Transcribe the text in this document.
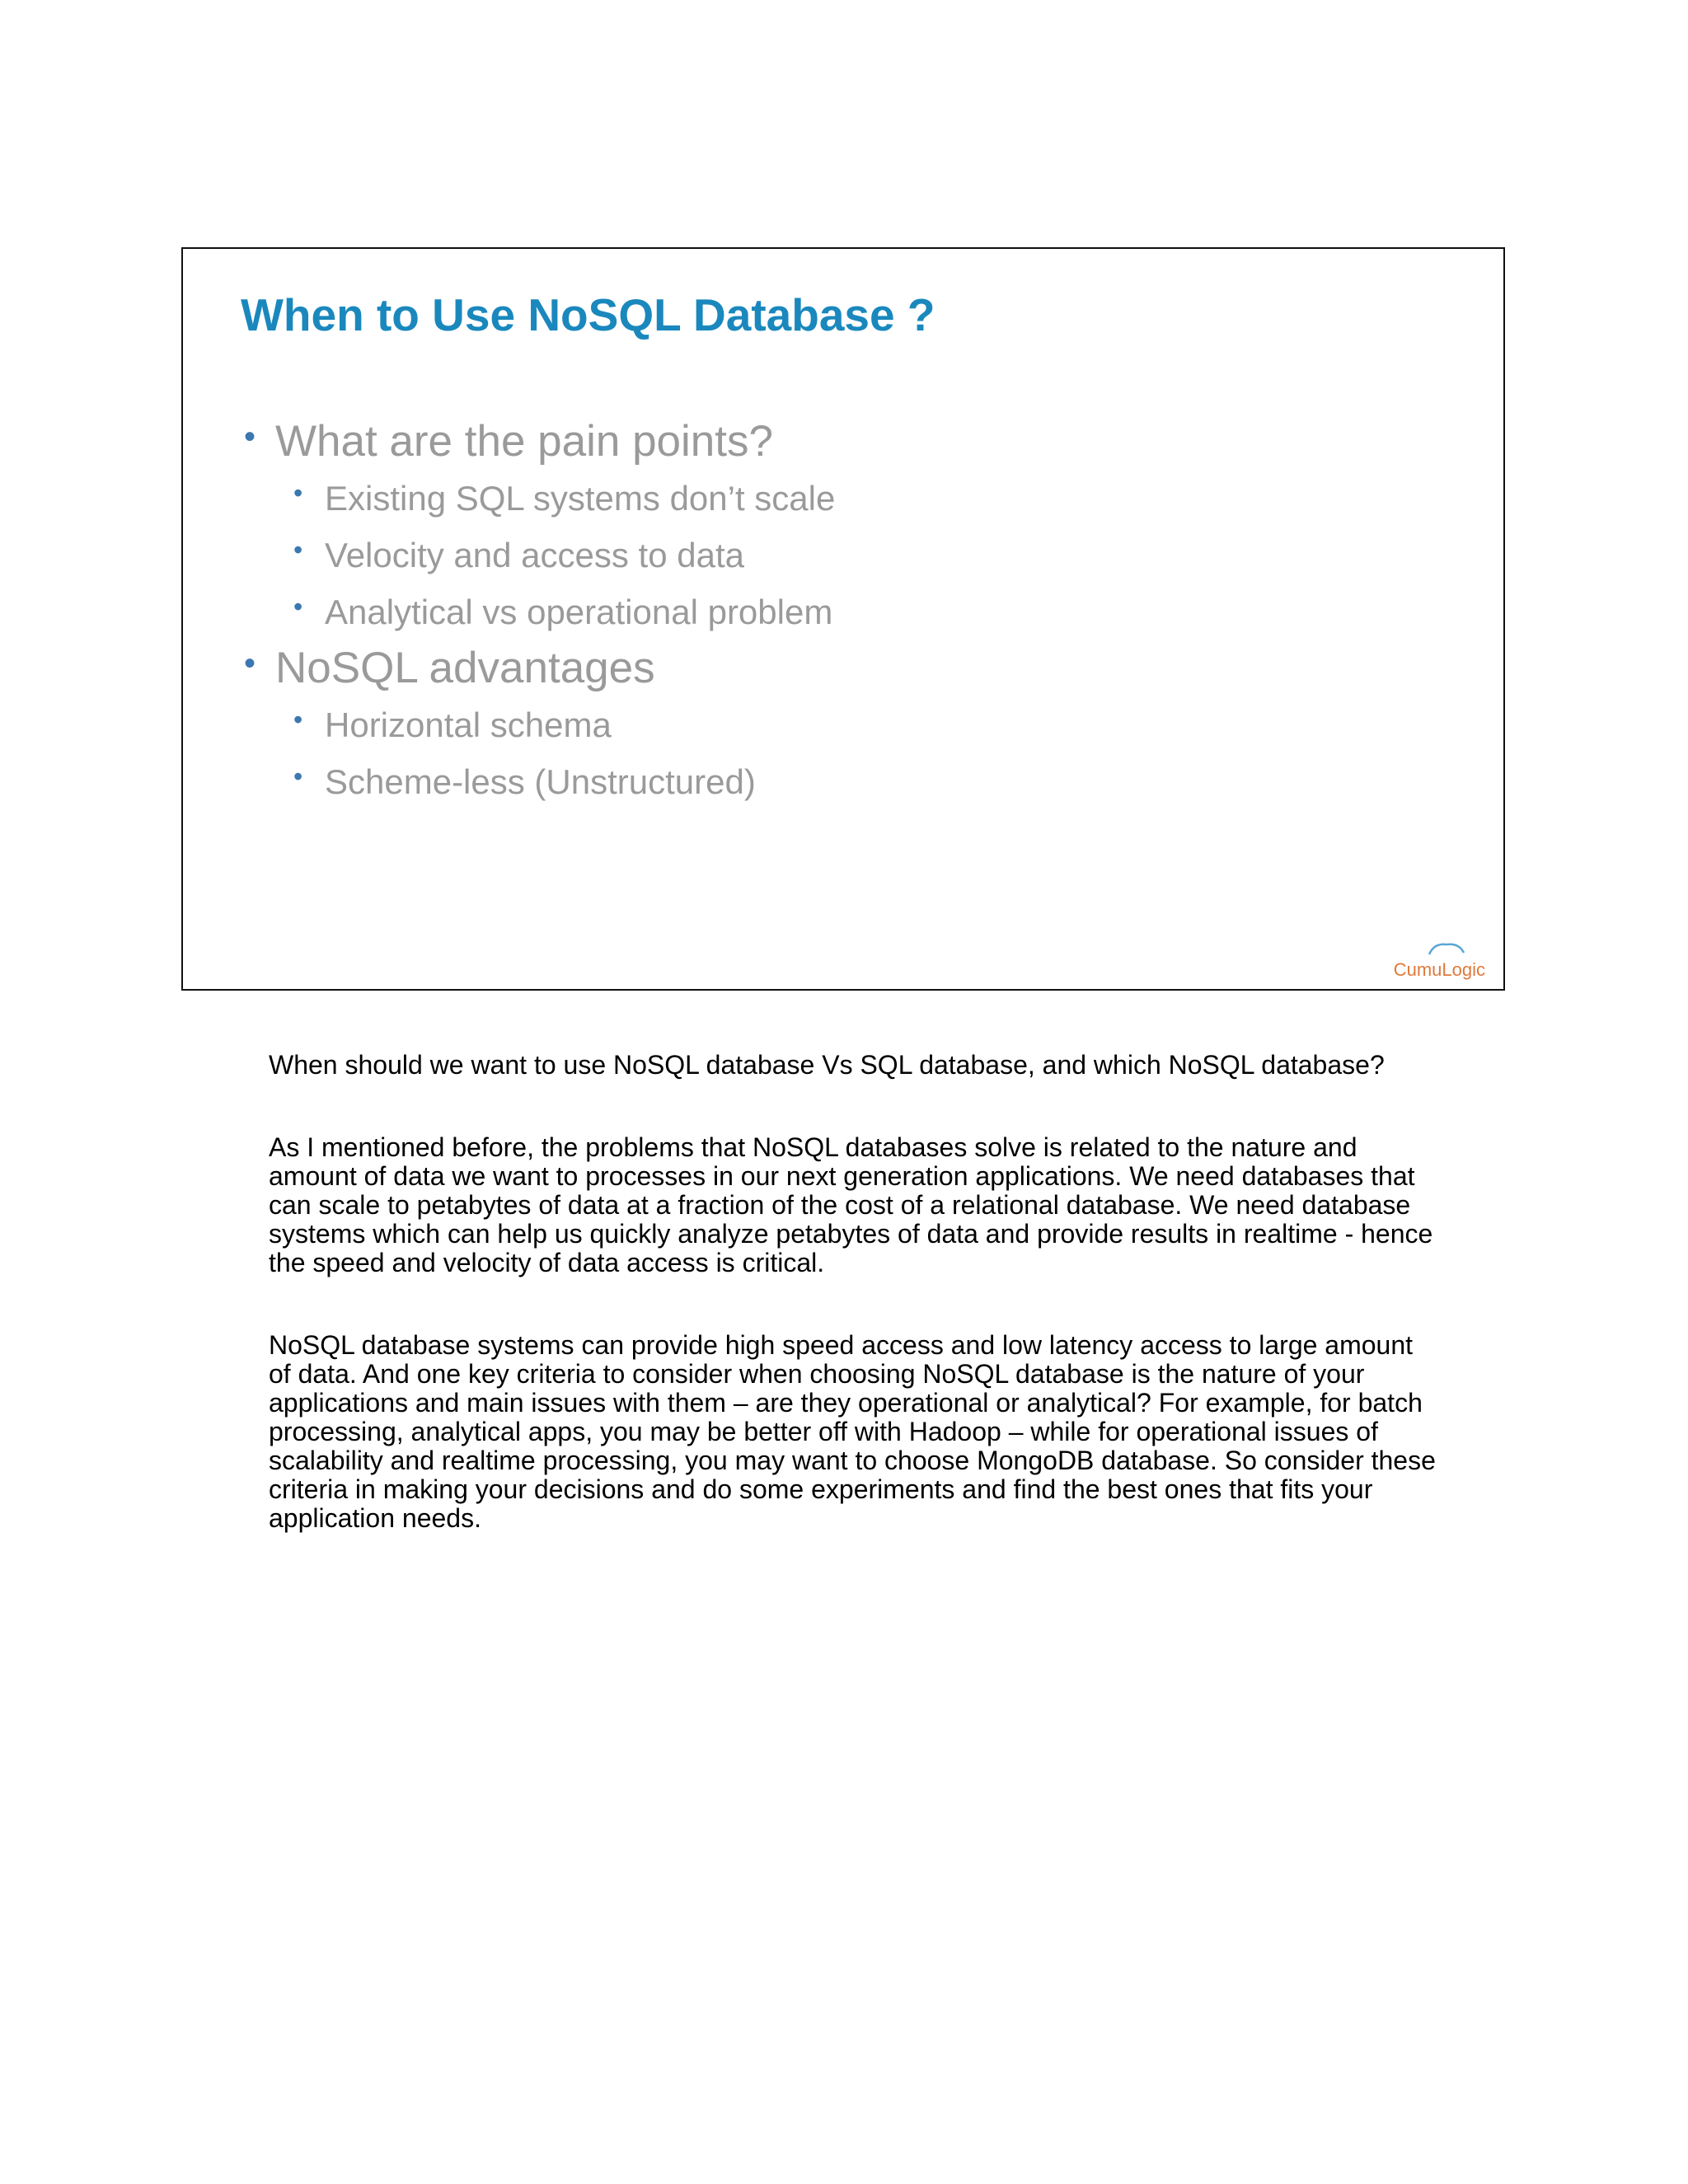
When to Use NoSQL Database ?
• What are the pain points?
• Existing SQL systems don’t scale
• Velocity and access to data
• Analytical vs operational problem
• NoSQL advantages
• Horizontal schema
• Scheme-less (Unstructured)
CumuLogic

When should we want to use NoSQL database Vs SQL database, and which NoSQL database?

As I mentioned before, the problems that NoSQL databases solve is related to the nature and amount of data we want to processes in our next generation applications. We need databases that can scale to petabytes of data at a fraction of the cost of a relational database. We need database systems which can help us quickly analyze petabytes of data and provide results in realtime - hence the speed and velocity of data access is critical.

NoSQL database systems can provide high speed access and low latency access to large amount of data. And one key criteria to consider when choosing NoSQL database is the nature of your applications and main issues with them – are they operational or analytical? For example, for batch processing, analytical apps, you may be better off with Hadoop – while for operational issues of scalability and realtime processing, you may want to choose MongoDB database. So consider these criteria in making your decisions and do some experiments and find the best ones that fits your application needs.
